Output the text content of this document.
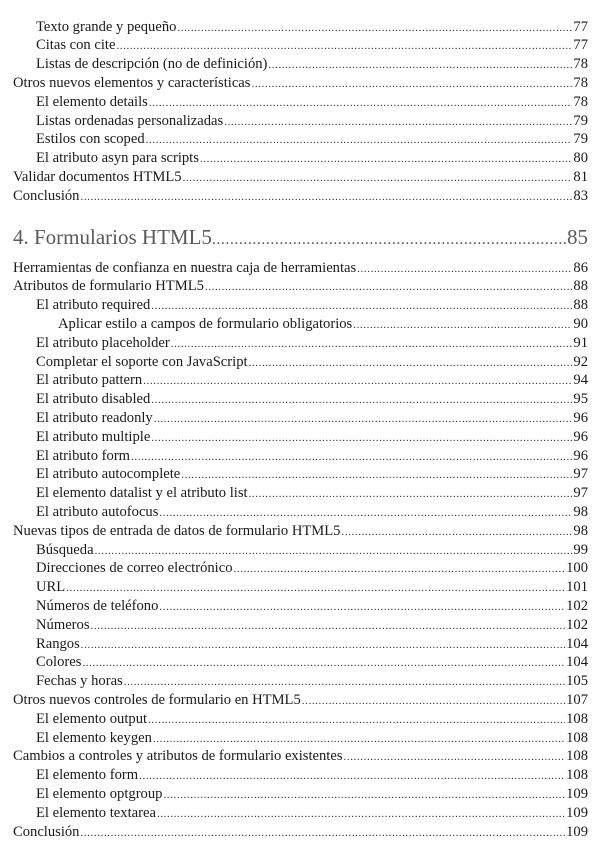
Texto grande y pequeño .....	77
Citas con cite .....	77
Listas de descripción (no de definición) .....	78
Otros nuevos elementos y características .....	78
El elemento details .....	78
Listas ordenadas personalizadas .....	79
Estilos con scoped .....	79
El atributo asyn para scripts .....	80
Validar documentos HTML5 .....	81
Conclusión .....	83
4. Formularios HTML5 .....	85
Herramientas de confianza en nuestra caja de herramientas .....	86
Atributos de formulario HTML5 .....	88
El atributo required .....	88
Aplicar estilo a campos de formulario obligatorios .....	90
El atributo placeholder .....	91
Completar el soporte con JavaScript .....	92
El atributo pattern .....	94
El atributo disabled .....	95
El atributo readonly .....	96
El atributo multiple .....	96
El atributo form .....	96
El atributo autocomplete .....	97
El elemento datalist y el atributo list .....	97
El atributo autofocus .....	98
Nuevas tipos de entrada de datos de formulario HTML5 .....	98
Búsqueda .....	99
Direcciones de correo electrónico .....	100
URL .....	101
Números de teléfono .....	102
Números .....	102
Rangos .....	104
Colores .....	104
Fechas y horas .....	105
Otros nuevos controles de formulario en HTML5 .....	107
El elemento output .....	108
El elemento keygen .....	108
Cambios a controles y atributos de formulario existentes .....	108
El elemento form .....	108
El elemento optgroup .....	109
El elemento textarea .....	109
Conclusión .....	109
